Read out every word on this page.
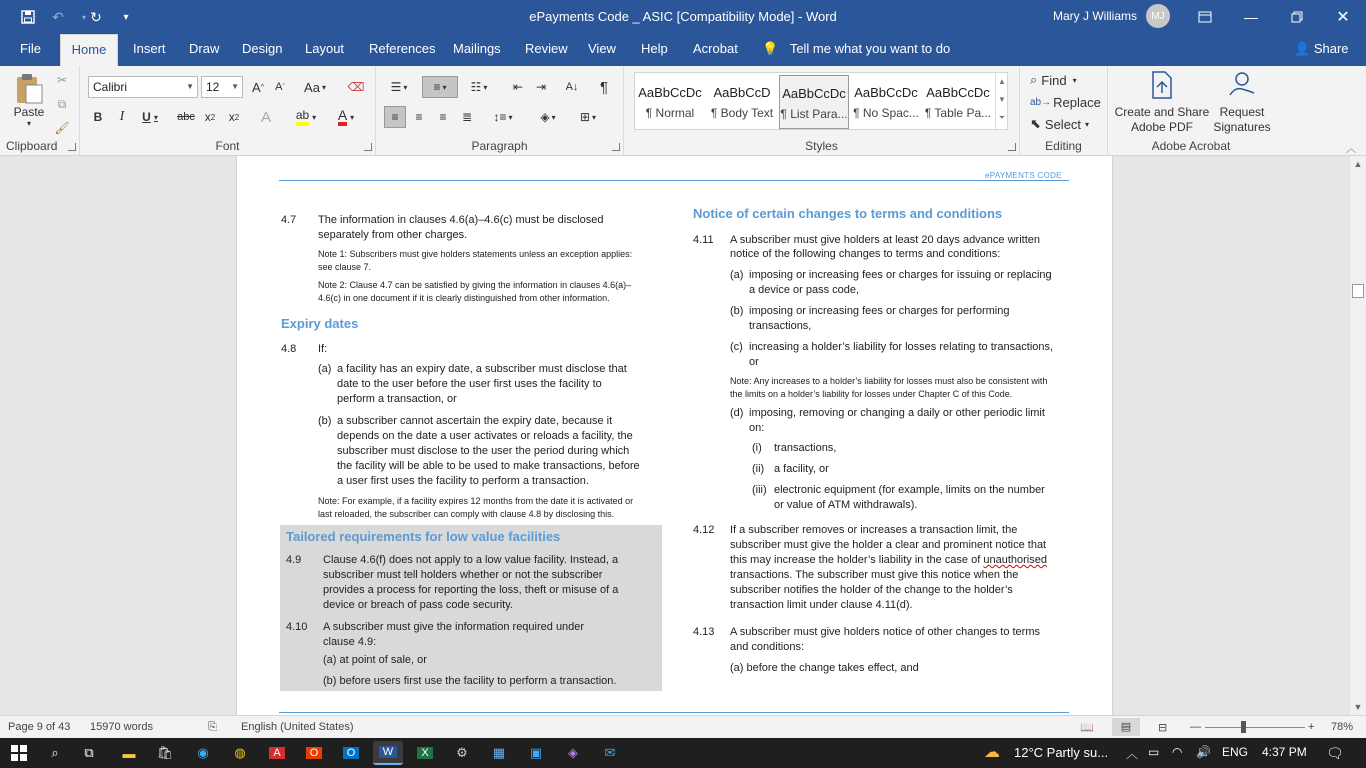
↶	▾ ↻	▾	ePayments Code _ ASIC [Compatibility Mode] - Word	Mary J Williams	MJ	—	✕
File	Home	Insert	Draw	Design	Layout	References	Mailings	Review	View	Help	Acrobat	💡 Tell me what you want to do	👤 Share
Paste
▾
✂
⧉
🖌
Clipboard
Calibri	▼	12 ▼	A ^	A ˇ Aa ▾ ⌫
B	I	U ▾ abc x 2	x 2	A	ab ▾ A ▾
Font
☰ ▾	≡ ▾	☷ ▾	⇤	⇥	A↓	¶
≡	≡	≡	≣	↕≡ ▾	◈ ▾	⊞ ▾
Paragraph	Styles
AaBbCcDc
¶ Normal
AaBbCcD
¶ Body Text
AaBbCcDc
¶ List Para...
AaBbCcDc
¶ No Spac...
AaBbCcDc
¶ Table Pa...
▲
▼
⏷
⌕ Find ▾
ab→ Replace
⬉ Select ▾
Editing
Create and Share
Adobe PDF
Request
Signatures
Adobe Acrobat	︿
ePAYMENTS CODE
4.7 The information in clauses 4.6(a)–4.6(c) must be disclosed
separately from other charges.
Note 1: Subscribers must give holders statements unless an exception applies:
see clause 7.
Note 2: Clause 4.7 can be satisfied by giving the information in clauses 4.6(a)–
4.6(c) in one document if it is clearly distinguished from other information.
Expiry dates
4.8 If:
(a) a facility has an expiry date, a subscriber must disclose that
date to the user before the user first uses the facility to
perform a transaction, or
(b) a subscriber cannot ascertain the expiry date, because it
depends on the date a user activates or reloads a facility, the
subscriber must disclose to the user the period during which
the facility will be able to be used to make transactions, before
a user first uses the facility to perform a transaction.
Note: For example, if a facility expires 12 months from the date it is activated or
last reloaded, the subscriber can comply with clause 4.8 by disclosing this.
Tailored requirements for low value facilities
4.9 Clause 4.6(f) does not apply to a low value facility. Instead, a
subscriber must tell holders whether or not the subscriber
provides a process for reporting the loss, theft or misuse of a
device or breach of pass code security.
4.10 A subscriber must give the information required under
clause 4.9:
(a) at point of sale, or
(b) before users first use the facility to perform a transaction.
Notice of certain changes to terms and conditions
4.11 A subscriber must give holders at least 20 days advance written
notice of the following changes to terms and conditions:
(a) imposing or increasing fees or charges for issuing or replacing
a device or pass code,
(b) imposing or increasing fees or charges for performing
transactions,
(c) increasing a holder’s liability for losses relating to transactions,
or
Note: Any increases to a holder’s liability for losses must also be consistent with
the limits on a holder’s liability for losses under Chapter C of this Code.
(d) imposing, removing or changing a daily or other periodic limit
on:
(i) transactions,
(ii) a facility, or
(iii) electronic equipment (for example, limits on the number
or value of ATM withdrawals).
4.12 If a subscriber removes or increases a transaction limit, the
subscriber must give the holder a clear and prominent notice that
this may increase the holder’s liability in the case of unauthorised
transactions. The subscriber must give this notice when the
subscriber notifies the holder of the change to the holder’s
transaction limit under clause 4.11(d).
4.13 A subscriber must give holders notice of other changes to terms
and conditions:
(a) before the change takes effect, and
▲
▼
Page 9 of 43 15970 words	⎘ English (United States)	📖	▤	⊟ —	+ 78%
⌕	⧉	▬	🛍	◉	◍	A	O	O	W	X	⚙	▦	▣	◈	✉	☁ 12°C Partly su... ︿ ▭ ◠ 🔊 ENG 4:37 PM 🗨
